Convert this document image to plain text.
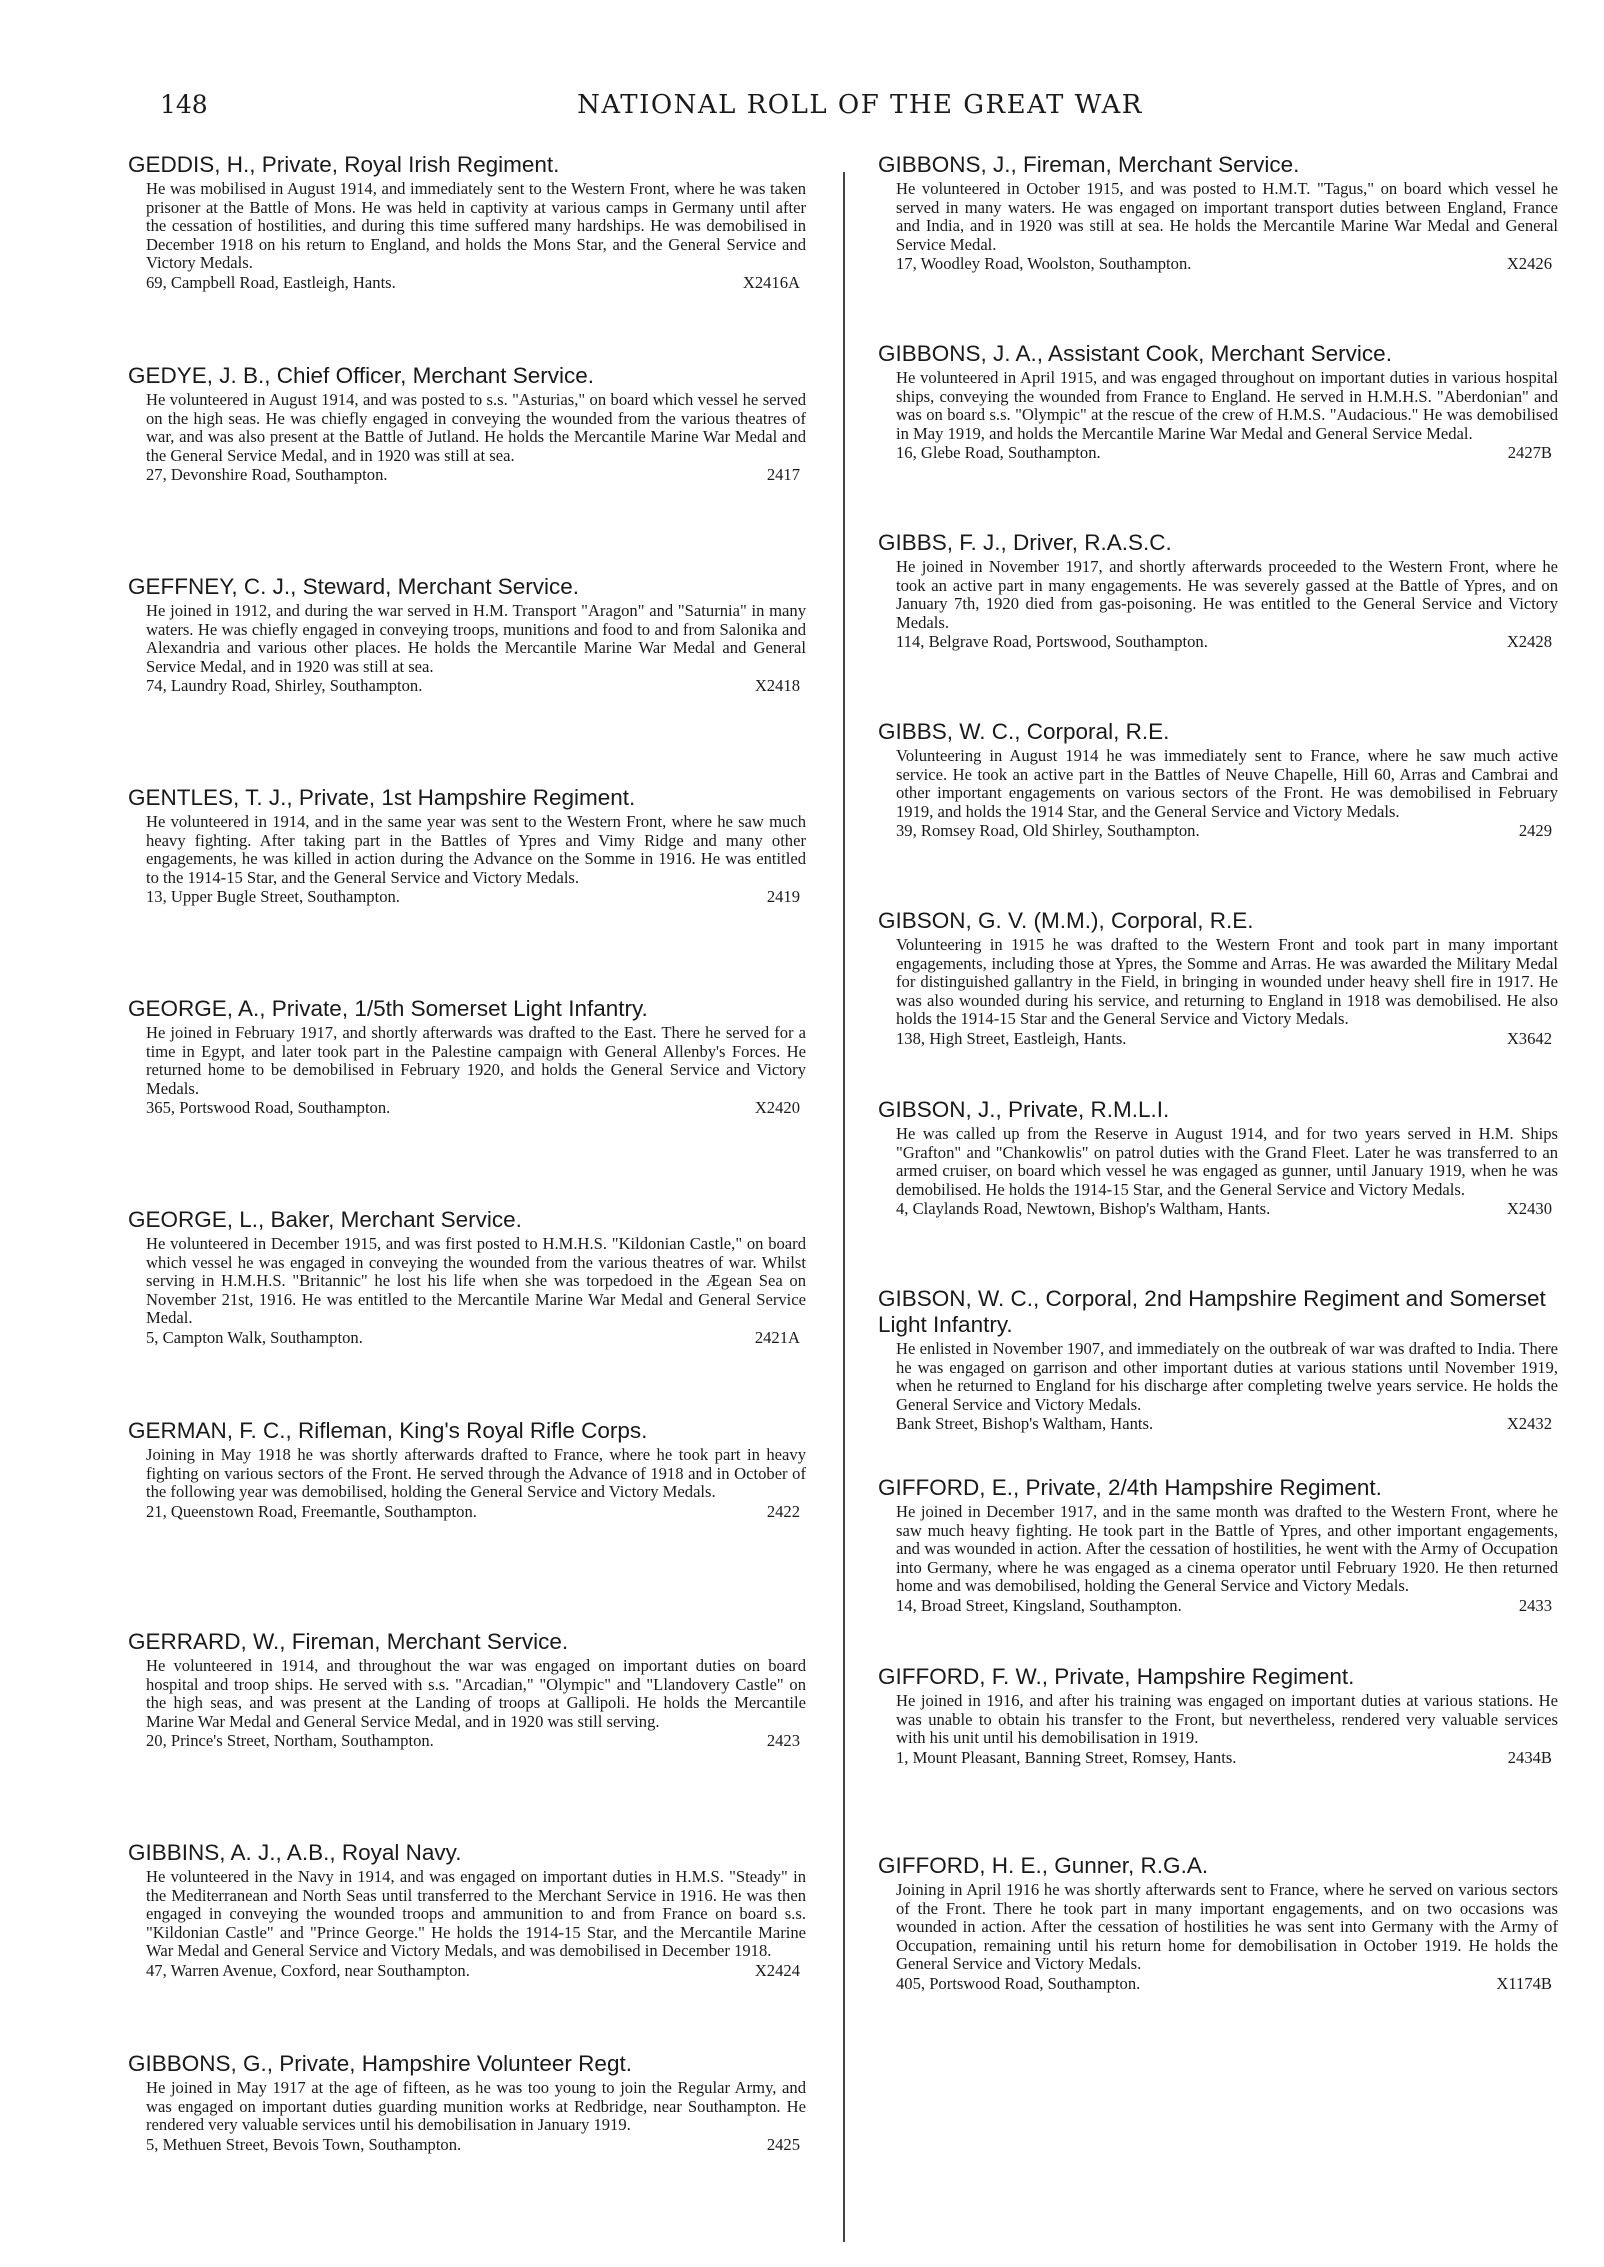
148	NATIONAL ROLL OF THE GREAT WAR
GEDDIS, H., Private, Royal Irish Regiment.

He was mobilised in August 1914, and immediately sent to the Western Front, where he was taken prisoner at the Battle of Mons. He was held in captivity at various camps in Germany until after the cessation of hostilities, and during this time suffered many hardships. He was demobilised in December 1918 on his return to England, and holds the Mons Star, and the General Service and Victory Medals.

69, Campbell Road, Eastleigh, Hants.	X2416A
GEDYE, J. B., Chief Officer, Merchant Service.

He volunteered in August 1914, and was posted to s.s. "Asturias," on board which vessel he served on the high seas. He was chiefly engaged in conveying the wounded from the various theatres of war, and was also present at the Battle of Jutland. He holds the Mercantile Marine War Medal and the General Service Medal, and in 1920 was still at sea.

27, Devonshire Road, Southampton.	2417
GEFFNEY, C. J., Steward, Merchant Service.

He joined in 1912, and during the war served in H.M. Transport "Aragon" and "Saturnia" in many waters. He was chiefly engaged in conveying troops, munitions and food to and from Salonika and Alexandria and various other places. He holds the Mercantile Marine War Medal and General Service Medal, and in 1920 was still at sea.

74, Laundry Road, Shirley, Southampton.	X2418
GENTLES, T. J., Private, 1st Hampshire Regiment.

He volunteered in 1914, and in the same year was sent to the Western Front, where he saw much heavy fighting. After taking part in the Battles of Ypres and Vimy Ridge and many other engagements, he was killed in action during the Advance on the Somme in 1916. He was entitled to the 1914-15 Star, and the General Service and Victory Medals.

13, Upper Bugle Street, Southampton.	2419
GEORGE, A., Private, 1/5th Somerset Light Infantry.

He joined in February 1917, and shortly afterwards was drafted to the East. There he served for a time in Egypt, and later took part in the Palestine campaign with General Allenby's Forces. He returned home to be demobilised in February 1920, and holds the General Service and Victory Medals.

365, Portswood Road, Southampton.	X2420
GEORGE, L., Baker, Merchant Service.

He volunteered in December 1915, and was first posted to H.M.H.S. "Kildonian Castle," on board which vessel he was engaged in conveying the wounded from the various theatres of war. Whilst serving in H.M.H.S. "Britannic" he lost his life when she was torpedoed in the Ægean Sea on November 21st, 1916. He was entitled to the Mercantile Marine War Medal and General Service Medal.

5, Campton Walk, Southampton.	2421A
GERMAN, F. C., Rifleman, King's Royal Rifle Corps.

Joining in May 1918 he was shortly afterwards drafted to France, where he took part in heavy fighting on various sectors of the Front. He served through the Advance of 1918 and in October of the following year was demobilised, holding the General Service and Victory Medals.

21, Queenstown Road, Freemantle, Southampton.	2422
GERRARD, W., Fireman, Merchant Service.

He volunteered in 1914, and throughout the war was engaged on important duties on board hospital and troop ships. He served with s.s. "Arcadian," "Olympic" and "Llandovery Castle" on the high seas, and was present at the Landing of troops at Gallipoli. He holds the Mercantile Marine War Medal and General Service Medal, and in 1920 was still serving.

20, Prince's Street, Northam, Southampton.	2423
GIBBINS, A. J., A.B., Royal Navy.

He volunteered in the Navy in 1914, and was engaged on important duties in H.M.S. "Steady" in the Mediterranean and North Seas until transferred to the Merchant Service in 1916. He was then engaged in conveying the wounded troops and ammunition to and from France on board s.s. "Kildonian Castle" and "Prince George." He holds the 1914-15 Star, and the Mercantile Marine War Medal and General Service and Victory Medals, and was demobilised in December 1918.

47, Warren Avenue, Coxford, near Southampton.	X2424
GIBBONS, G., Private, Hampshire Volunteer Regt.

He joined in May 1917 at the age of fifteen, as he was too young to join the Regular Army, and was engaged on important duties guarding munition works at Redbridge, near Southampton. He rendered very valuable services until his demobilisation in January 1919.

5, Methuen Street, Bevois Town, Southampton.	2425
GIBBONS, J., Fireman, Merchant Service.

He volunteered in October 1915, and was posted to H.M.T. "Tagus," on board which vessel he served in many waters. He was engaged on important transport duties between England, France and India, and in 1920 was still at sea. He holds the Mercantile Marine War Medal and General Service Medal.

17, Woodley Road, Woolston, Southampton.	X2426
GIBBONS, J. A., Assistant Cook, Merchant Service.

He volunteered in April 1915, and was engaged throughout on important duties in various hospital ships, conveying the wounded from France to England. He served in H.M.H.S. "Aberdonian" and was on board s.s. "Olympic" at the rescue of the crew of H.M.S. "Audacious." He was demobilised in May 1919, and holds the Mercantile Marine War Medal and General Service Medal.

16, Glebe Road, Southampton.	2427B
GIBBS, F. J., Driver, R.A.S.C.

He joined in November 1917, and shortly afterwards proceeded to the Western Front, where he took an active part in many engagements. He was severely gassed at the Battle of Ypres, and on January 7th, 1920 died from gas-poisoning. He was entitled to the General Service and Victory Medals.

114, Belgrave Road, Portswood, Southampton.	X2428
GIBBS, W. C., Corporal, R.E.

Volunteering in August 1914 he was immediately sent to France, where he saw much active service. He took an active part in the Battles of Neuve Chapelle, Hill 60, Arras and Cambrai and other important engagements on various sectors of the Front. He was demobilised in February 1919, and holds the 1914 Star, and the General Service and Victory Medals.

39, Romsey Road, Old Shirley, Southampton.	2429
GIBSON, G. V. (M.M.), Corporal, R.E.

Volunteering in 1915 he was drafted to the Western Front and took part in many important engagements, including those at Ypres, the Somme and Arras. He was awarded the Military Medal for distinguished gallantry in the Field, in bringing in wounded under heavy shell fire in 1917. He was also wounded during his service, and returning to England in 1918 was demobilised. He also holds the 1914-15 Star and the General Service and Victory Medals.

138, High Street, Eastleigh, Hants.	X3642
GIBSON, J., Private, R.M.L.I.

He was called up from the Reserve in August 1914, and for two years served in H.M. Ships "Grafton" and "Chankowlis" on patrol duties with the Grand Fleet. Later he was transferred to an armed cruiser, on board which vessel he was engaged as gunner, until January 1919, when he was demobilised. He holds the 1914-15 Star, and the General Service and Victory Medals.

4, Claylands Road, Newtown, Bishop's Waltham, Hants.	X2430
GIBSON, W. C., Corporal, 2nd Hampshire Regiment and Somerset Light Infantry.

He enlisted in November 1907, and immediately on the outbreak of war was drafted to India. There he was engaged on garrison and other important duties at various stations until November 1919, when he returned to England for his discharge after completing twelve years service. He holds the General Service and Victory Medals.

Bank Street, Bishop's Waltham, Hants.	X2432
GIFFORD, E., Private, 2/4th Hampshire Regiment.

He joined in December 1917, and in the same month was drafted to the Western Front, where he saw much heavy fighting. He took part in the Battle of Ypres, and other important engagements, and was wounded in action. After the cessation of hostilities, he went with the Army of Occupation into Germany, where he was engaged as a cinema operator until February 1920. He then returned home and was demobilised, holding the General Service and Victory Medals.

14, Broad Street, Kingsland, Southampton.	2433
GIFFORD, F. W., Private, Hampshire Regiment.

He joined in 1916, and after his training was engaged on important duties at various stations. He was unable to obtain his transfer to the Front, but nevertheless, rendered very valuable services with his unit until his demobilisation in 1919.

1, Mount Pleasant, Banning Street, Romsey, Hants.	2434B
GIFFORD, H. E., Gunner, R.G.A.

Joining in April 1916 he was shortly afterwards sent to France, where he served on various sectors of the Front. There he took part in many important engagements, and on two occasions was wounded in action. After the cessation of hostilities he was sent into Germany with the Army of Occupation, remaining until his return home for demobilisation in October 1919. He holds the General Service and Victory Medals.

405, Portswood Road, Southampton.	X1174B
